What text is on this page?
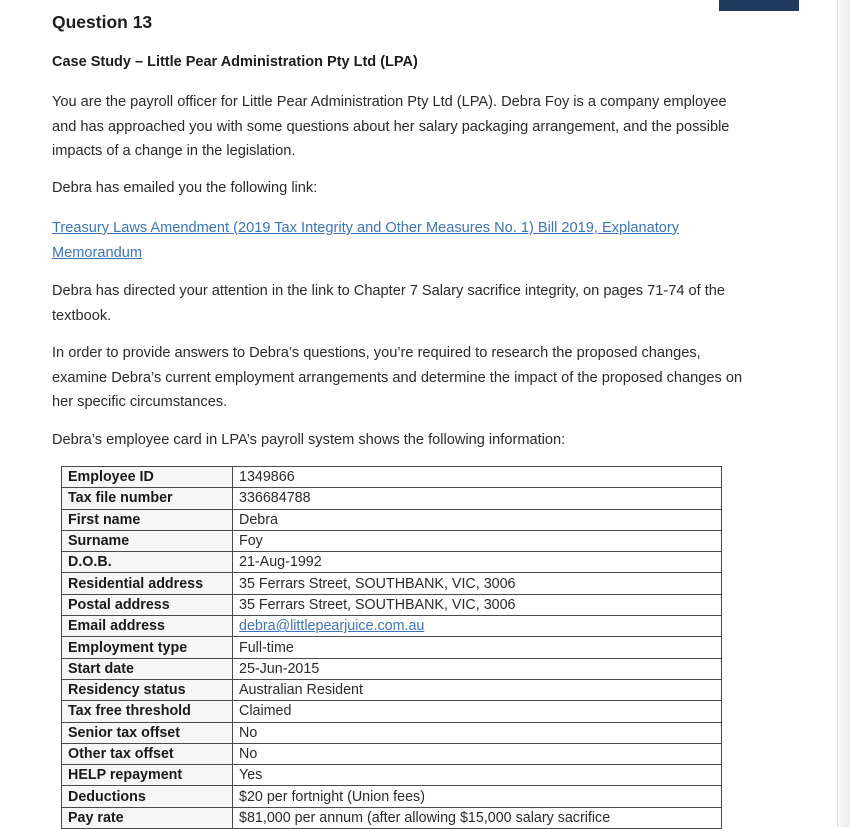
Question 13
Case Study – Little Pear Administration Pty Ltd (LPA)

You are the payroll officer for Little Pear Administration Pty Ltd (LPA). Debra Foy is a company employee and has approached you with some questions about her salary packaging arrangement, and the possible impacts of a change in the legislation.

Debra has emailed you the following link:

Treasury Laws Amendment (2019 Tax Integrity and Other Measures No. 1) Bill 2019, Explanatory Memorandum

Debra has directed your attention in the link to Chapter 7 Salary sacrifice integrity, on pages 71-74 of the textbook.

In order to provide answers to Debra’s questions, you’re required to research the proposed changes, examine Debra’s current employment arrangements and determine the impact of the proposed changes on her specific circumstances.

Debra’s employee card in LPA’s payroll system shows the following information:

Employee ID	1349866
Tax file number	336684788
First name	Debra
Surname	Foy
D.O.B.	21-Aug-1992
Residential address	35 Ferrars Street, SOUTHBANK, VIC, 3006
Postal address	35 Ferrars Street, SOUTHBANK, VIC, 3006
Email address	debra@littlepearjuice.com.au
Employment type	Full-time
Start date	25-Jun-2015
Residency status	Australian Resident
Tax free threshold	Claimed
Senior tax offset	No
Other tax offset	No
HELP repayment	Yes
Deductions	$20 per fortnight (Union fees)
Pay rate	$81,000 per annum (after allowing $15,000 salary sacrifice
